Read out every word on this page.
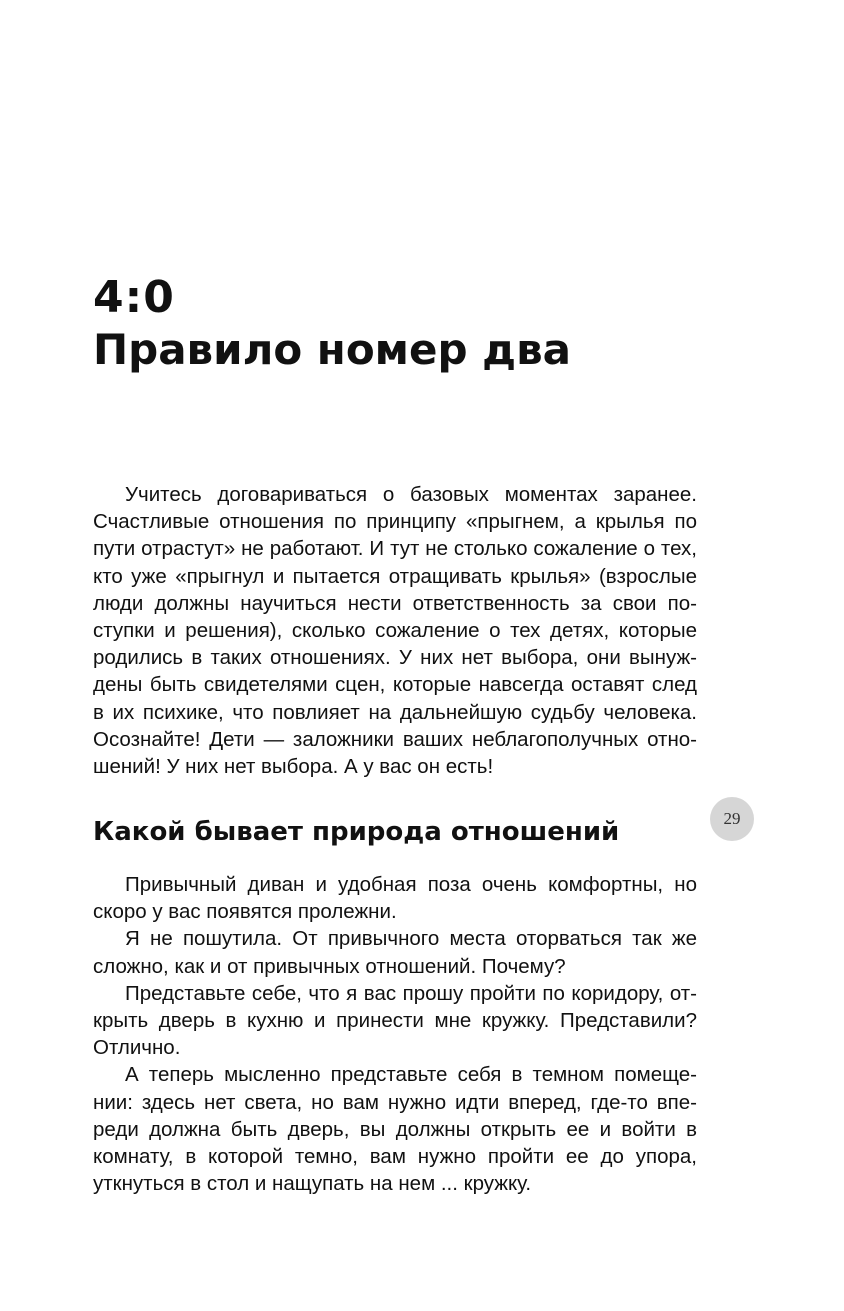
4:0
Правило номер два

Учитесь договариваться о базовых моментах заранее. Счастливые отношения по принципу «прыгнем, а крылья по пути отрастут» не работают. И тут не столько сожаление о тех, кто уже «прыгнул и пытается отращивать крылья» (взрослые люди должны научиться нести ответственность за свои поступки и решения), сколько сожаление о тех детях, которые родились в таких отношениях. У них нет выбора, они вынуждены быть свидетелями сцен, которые навсегда оставят след в их психике, что повлияет на дальнейшую судьбу человека. Осознайте! Дети — заложники ваших неблагополучных отношений! У них нет выбора. А у вас он есть!

Какой бывает природа отношений	29

Привычный диван и удобная поза очень комфортны, но скоро у вас появятся пролежни.

Я не пошутила. От привычного места оторваться так же сложно, как и от привычных отношений. Почему?

Представьте себе, что я вас прошу пройти по коридору, открыть дверь в кухню и принести мне кружку. Представили? Отлично.

А теперь мысленно представьте себя в темном помещении: здесь нет света, но вам нужно идти вперед, где-то впереди должна быть дверь, вы должны открыть ее и войти в комнату, в которой темно, вам нужно пройти ее до упора, уткнуться в стол и нащупать на нем ... кружку.
